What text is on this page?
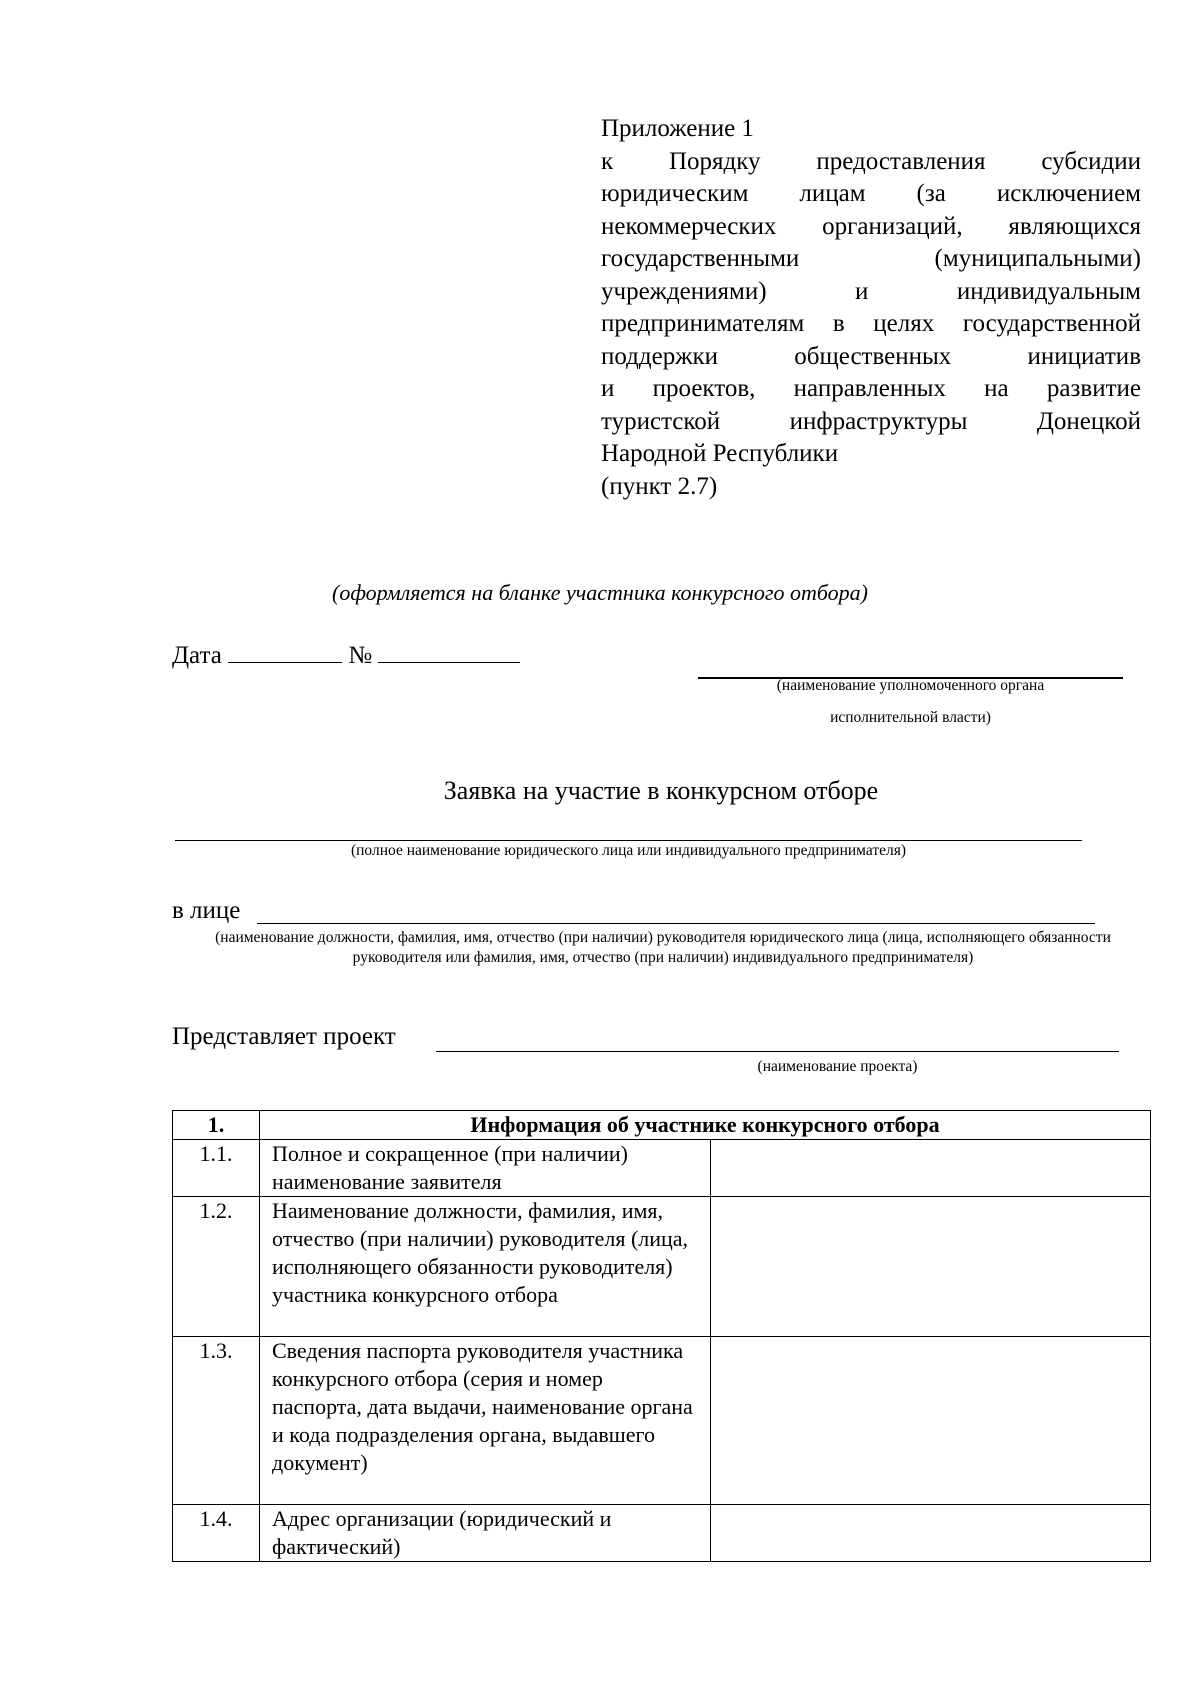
Приложение 1
к Порядку предоставления субсидии
юридическим лицам (за исключением
некоммерческих организаций, являющихся
государственными (муниципальными)
учреждениями) и индивидуальным
предпринимателям в целях государственной
поддержки общественных инициатив
и проектов, направленных на развитие
туристской инфраструктуры Донецкой
Народной Республики
(пункт 2.7)
(оформляется на бланке участника конкурсного отбора)
Дата	№
(наименование уполномоченного органа
исполнительной власти)
Заявка на участие в конкурсном отборе
(полное наименование юридического лица или индивидуального предпринимателя)
в лице
(наименование должности, фамилия, имя, отчество (при наличии) руководителя юридического лица (лица, исполняющего обязанности руководителя или фамилия, имя, отчество (при наличии) индивидуального предпринимателя)
Представляет проект
(наименование проекта)
1.	Информация об участнике конкурсного отбора	
1.1.	Полное и сокращенное (при наличии) наименование заявителя	
1.2.	Наименование должности, фамилия, имя, отчество (при наличии) руководителя (лица, исполняющего обязанности руководителя) участника конкурсного отбора	
1.3.	Сведения паспорта руководителя участника конкурсного отбора (серия и номер паспорта, дата выдачи, наименование органа и кода подразделения органа, выдавшего документ)	
1.4.	Адрес организации (юридический и фактический)	
